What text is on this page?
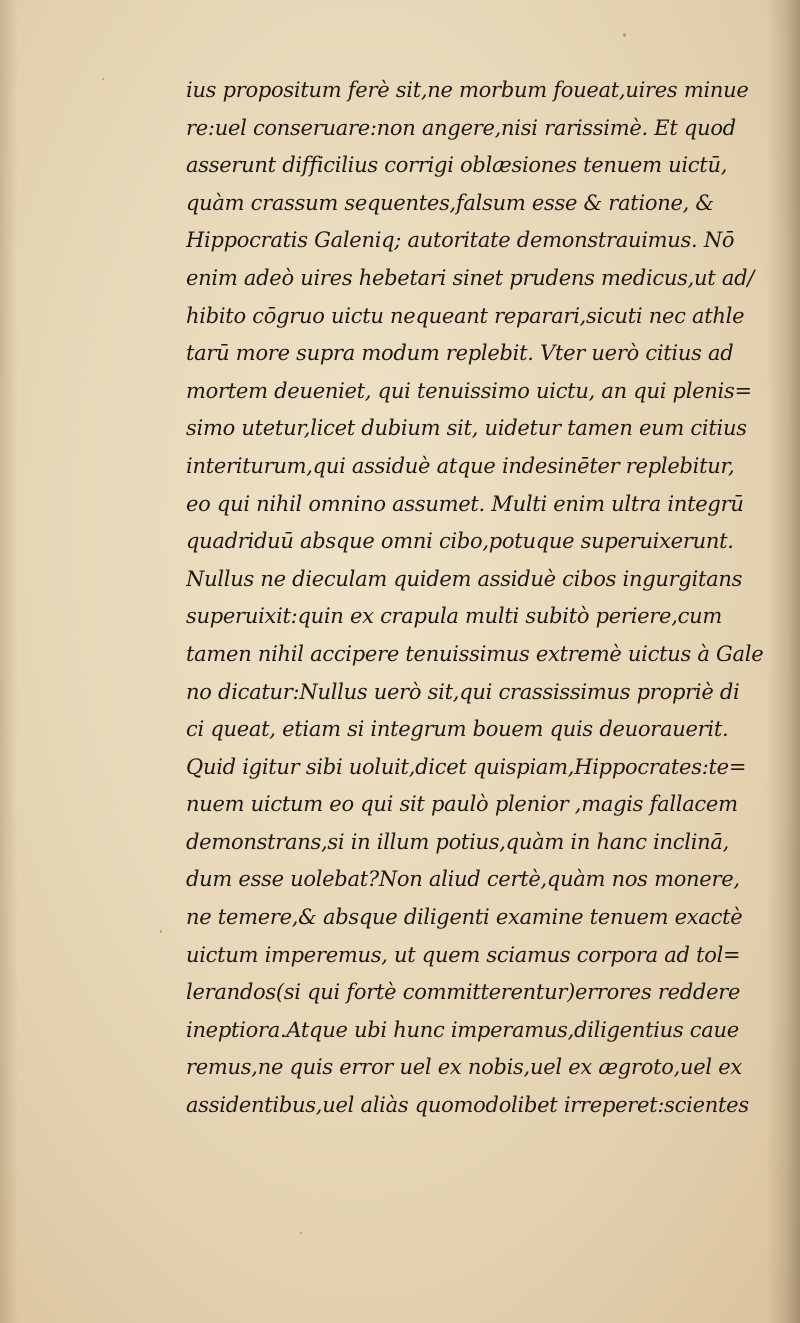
ius propositum ferè sit,ne morbum foueat,uires minue
re:uel conseruare:non angere,nisi rarissimè. Et quod
asserunt difficilius corrigi oblæsiones tenuem uictū,
quàm crassum sequentes,falsum esse & ratione, &
Hippocratis Galeniq; autoritate demonstrauimus. Nō
enim adeò uires hebetari sinet prudens medicus,ut ad/
hibito cōgruo uictu nequeant reparari,sicuti nec athle
tarū more supra modum replebit. Vter uerò citius ad
mortem deueniet, qui tenuissimo uictu, an qui plenis=
simo utetur,licet dubium sit, uidetur tamen eum citius
interiturum,qui assiduè atque indesinēter replebitur,
eo qui nihil omnino assumet. Multi enim ultra integrū
quadriduū absque omni cibo,potuque superuixerunt.
Nullus ne dieculam quidem assiduè cibos ingurgitans
superuixit:quin ex crapula multi subitò periere,cum
tamen nihil accipere tenuissimus extremè uictus à Gale
no dicatur:Nullus uerò sit,qui crassissimus propriè di
ci queat, etiam si integrum bouem quis deuorauerit.
Quid igitur sibi uoluit,dicet quispiam,Hippocrates:te=
nuem uictum eo qui sit paulò plenior ,magis fallacem
demonstrans,si in illum potius,quàm in hanc inclinā,
dum esse uolebat?Non aliud certè,quàm nos monere,
ne temere,& absque diligenti examine tenuem exactè
uictum imperemus, ut quem sciamus corpora ad tol=
lerandos(si qui fortè committerentur)errores reddere
ineptiora.Atque ubi hunc imperamus,diligentius caue
remus,ne quis error uel ex nobis,uel ex ægroto,uel ex
assidentibus,uel aliàs quomodolibet irreperet:scientes
